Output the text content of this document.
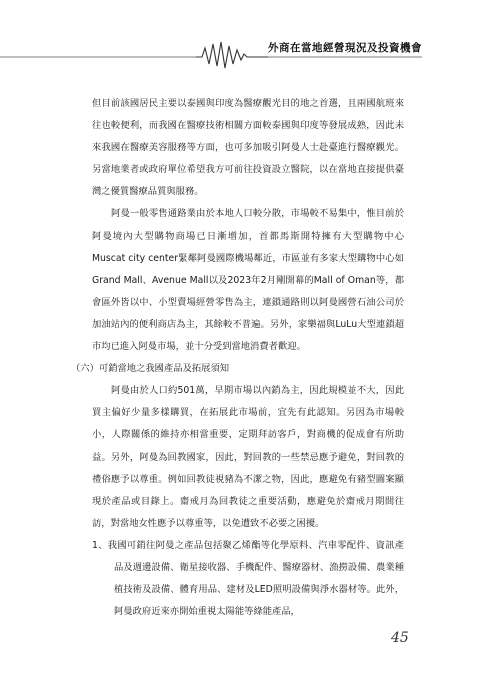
外商在當地經營現況及投資機會

但目前該國居民主要以泰國與印度為醫療觀光目的地之首選，且兩國航班來往也較便利，而我國在醫療技術相關方面較泰國與印度等發展成熟，因此未來我國在醫療美容服務等方面，也可多加吸引阿曼人士赴臺進行醫療觀光。另當地業者或政府單位希望我方可前往投資設立醫院，以在當地直接提供臺灣之優質醫療品質與服務。

阿曼一般零售通路業由於本地人口較分散，市場較不易集中，惟目前於阿曼境內大型購物商場已日漸增加，首都馬斯開特擁有大型購物中心Muscat city center緊鄰阿曼國際機場鄰近，市區並有多家大型購物中心如Grand Mall、Avenue Mall以及2023年2月剛開幕的Mall of Oman等，都會區外皆以中、小型賣場經營零售為主，連鎖通路則以阿曼國營石油公司於加油站內的便利商店為主，其餘較不普遍。另外，家樂福與LuLu大型連鎖超市均已進入阿曼市場，並十分受到當地消費者歡迎。

（六）可銷當地之我國產品及拓展須知

阿曼由於人口約501萬，早期市場以內銷為主，因此規模並不大，因此買主偏好少量多樣購買，在拓展此市場前，宜先有此認知。另因為市場較小，人際關係的維持亦相當重要，定期拜訪客戶，對商機的促成會有所助益。另外，阿曼為回教國家，因此，對回教的一些禁忌應予避免，對回教的禮俗應予以尊重。例如回教徒視豬為不潔之物，因此，應避免有豬型圖案顯現於產品或目錄上。齋戒月為回教徒之重要活動，應避免於齋戒月期間往訪，對當地女性應予以尊重等，以免遭致不必要之困擾。

1、我國可銷往阿曼之產品包括聚乙烯酯等化學原料、汽車零配件、資訊產品及週邊設備、衛星接收器、手機配件、醫療器材、漁撈設備、農業種植技術及設備、體育用品、建材及LED照明設備與淨水器材等。此外，阿曼政府近來亦開始重視太陽能等綠能產品，

45
